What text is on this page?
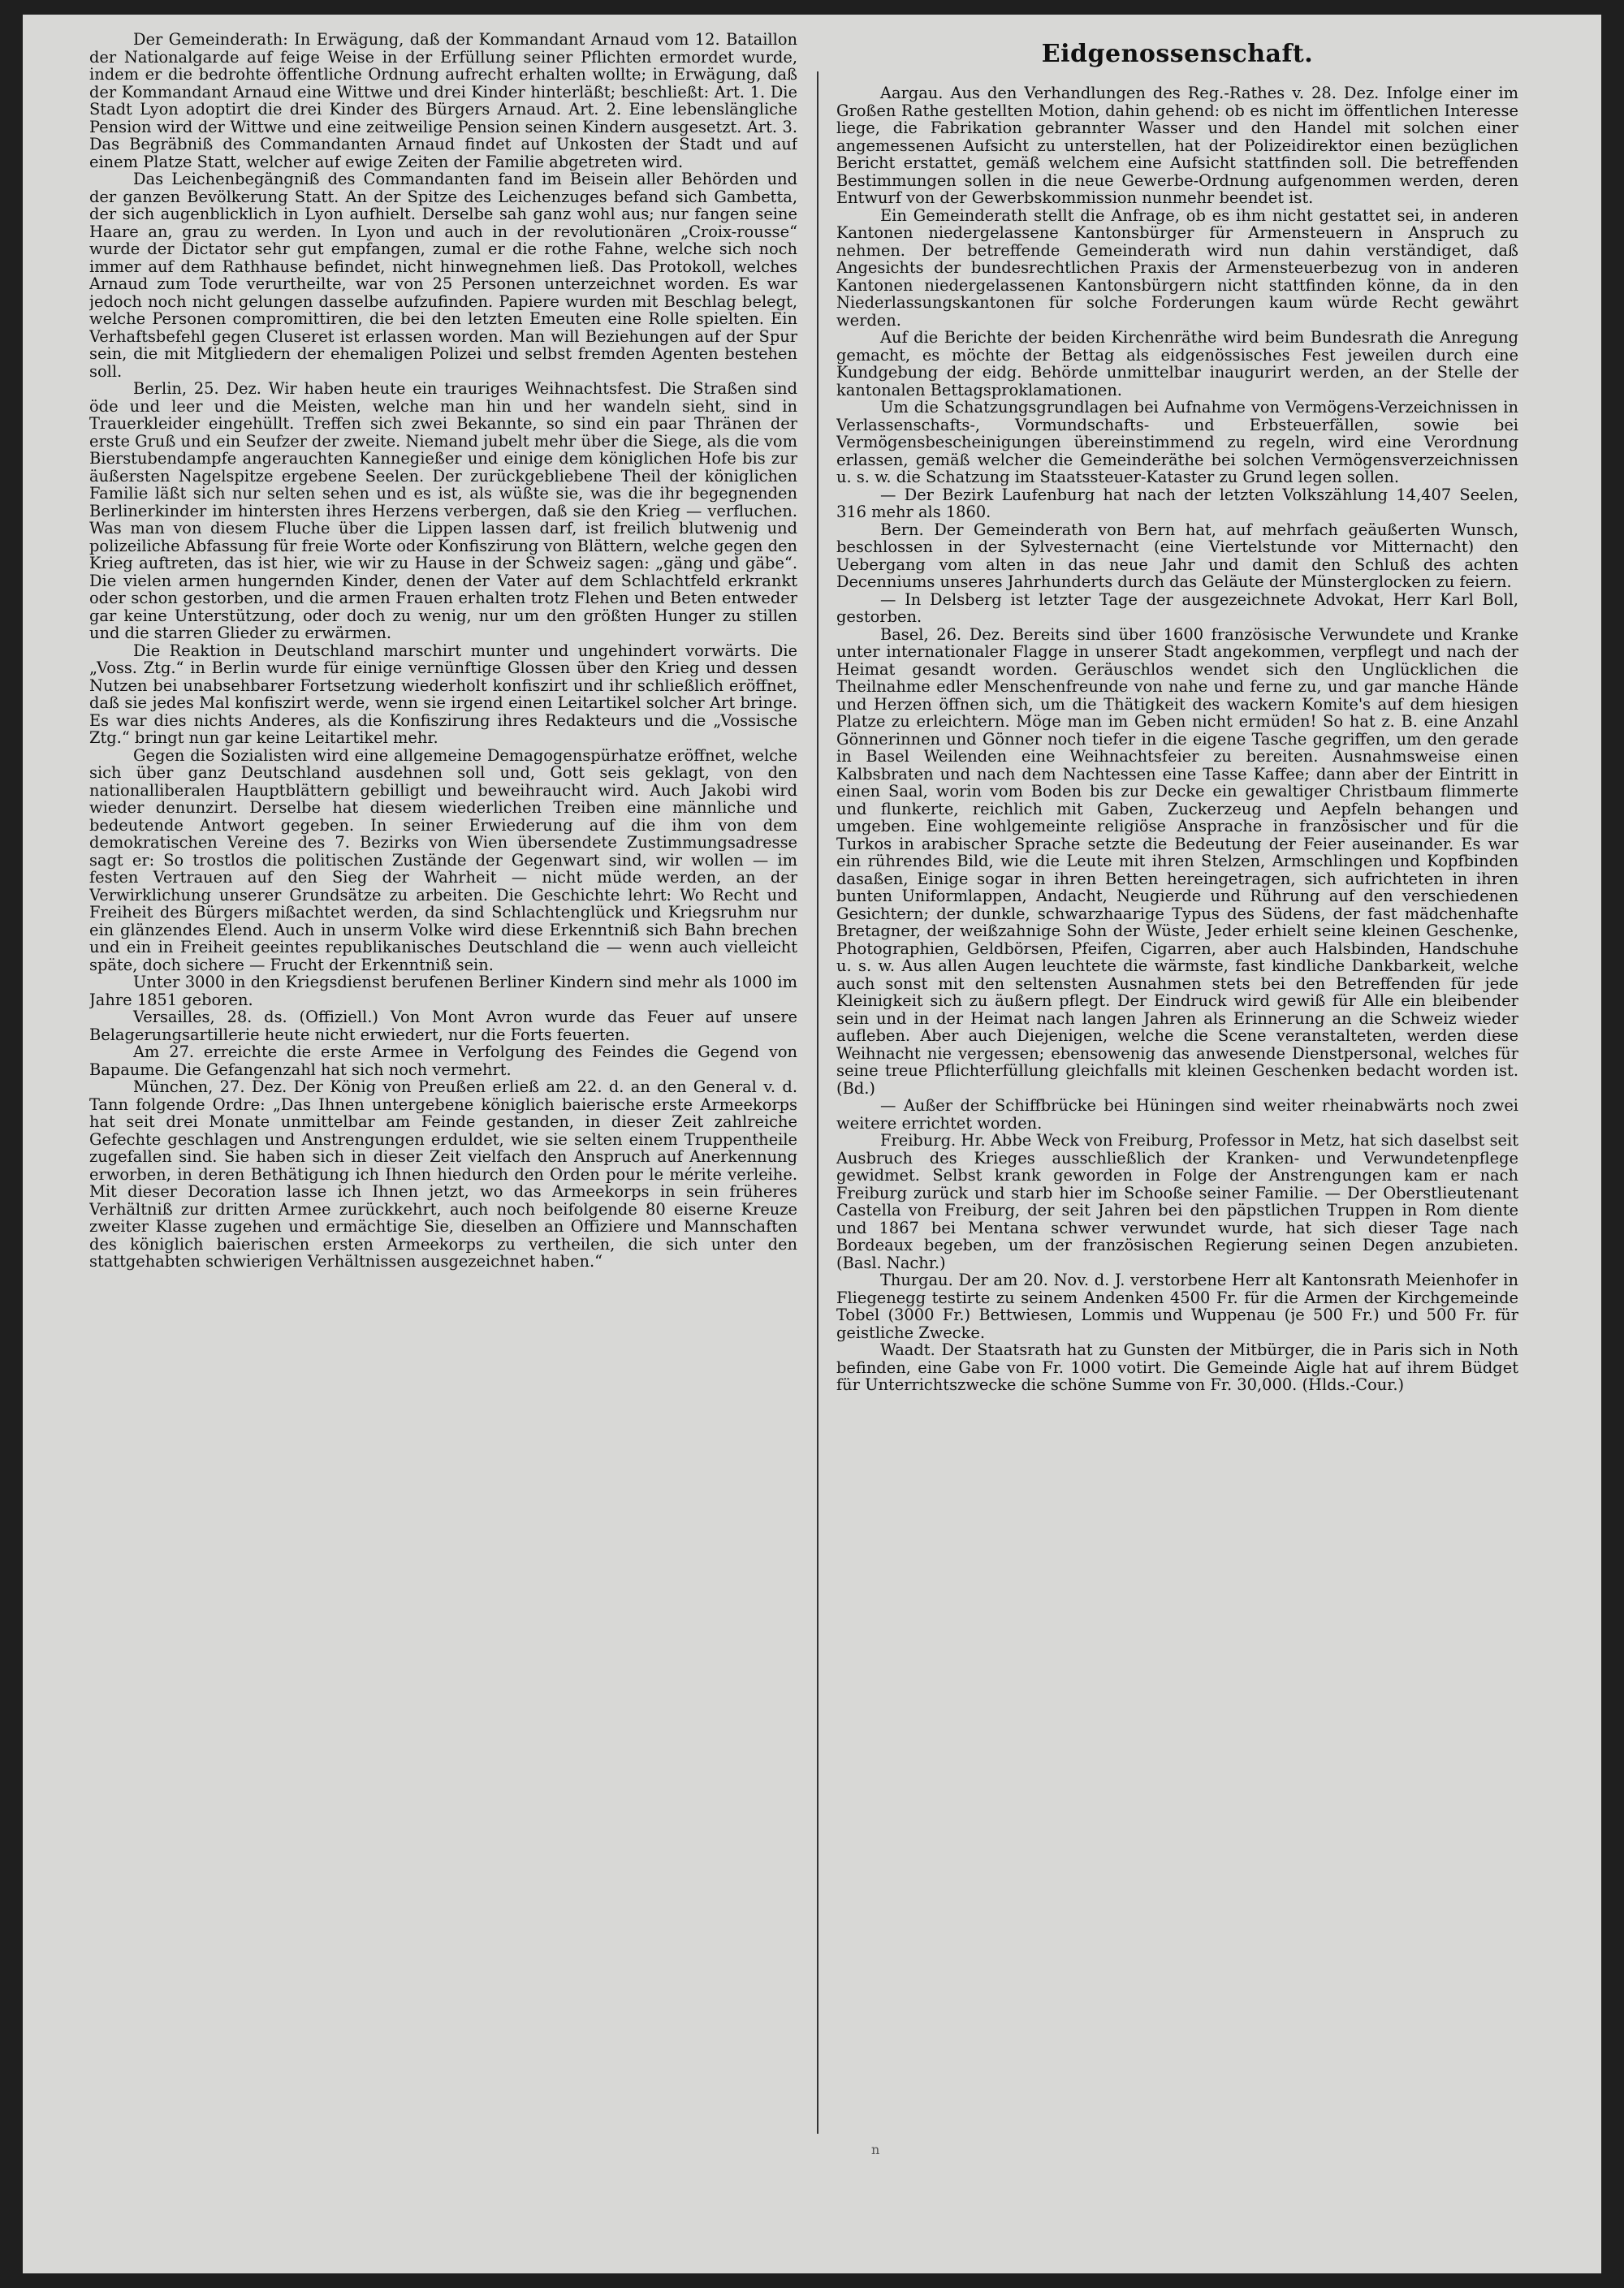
Der Gemeinderath: In Erwägung, daß der Kommandant Arnaud vom 12. Bataillon der Nationalgarde auf feige Weise in der Erfüllung seiner Pflichten ermordet wurde, indem er die bedrohte öffentliche Ordnung aufrecht erhalten wollte; in Erwägung, daß der Kommandant Arnaud eine Wittwe und drei Kinder hinterläßt; beschließt: Art. 1. Die Stadt Lyon adoptirt die drei Kinder des Bürgers Arnaud. Art. 2. Eine lebenslängliche Pension wird der Wittwe und eine zeitweilige Pension seinen Kindern ausgesetzt. Art. 3. Das Begräbniß des Commandanten Arnaud findet auf Unkosten der Stadt und auf einem Platze Statt, welcher auf ewige Zeiten der Familie abgetreten wird.

Das Leichenbegängniß des Commandanten fand im Beisein aller Behörden und der ganzen Bevölkerung Statt. An der Spitze des Leichenzuges befand sich Gambetta, der sich augenblicklich in Lyon aufhielt. Derselbe sah ganz wohl aus; nur fangen seine Haare an, grau zu werden. In Lyon und auch in der revolutionären „Croix-rousse“ wurde der Dictator sehr gut empfangen, zumal er die rothe Fahne, welche sich noch immer auf dem Rathhause befindet, nicht hinwegnehmen ließ. Das Protokoll, welches Arnaud zum Tode verurtheilte, war von 25 Personen unterzeichnet worden. Es war jedoch noch nicht gelungen dasselbe aufzufinden. Papiere wurden mit Beschlag belegt, welche Personen compromittiren, die bei den letzten Emeuten eine Rolle spielten. Ein Verhaftsbefehl gegen Cluseret ist erlassen worden. Man will Beziehungen auf der Spur sein, die mit Mitgliedern der ehemaligen Polizei und selbst fremden Agenten bestehen soll.

Berlin, 25. Dez. Wir haben heute ein trauriges Weihnachtsfest. Die Straßen sind öde und leer und die Meisten, welche man hin und her wandeln sieht, sind in Trauerkleider eingehüllt. Treffen sich zwei Bekannte, so sind ein paar Thränen der erste Gruß und ein Seufzer der zweite. Niemand jubelt mehr über die Siege, als die vom Bierstubendampfe angerauchten Kannegießer und einige dem königlichen Hofe bis zur äußersten Nagelspitze ergebene Seelen. Der zurückgebliebene Theil der königlichen Familie läßt sich nur selten sehen und es ist, als wüßte sie, was die ihr begegnenden Berlinerkinder im hintersten ihres Herzens verbergen, daß sie den Krieg — verfluchen. Was man von diesem Fluche über die Lippen lassen darf, ist freilich blutwenig und polizeiliche Abfassung für freie Worte oder Konfiszirung von Blättern, welche gegen den Krieg auftreten, das ist hier, wie wir zu Hause in der Schweiz sagen: „gäng und gäbe“. Die vielen armen hungernden Kinder, denen der Vater auf dem Schlachtfeld erkrankt oder schon gestorben, und die armen Frauen erhalten trotz Flehen und Beten entweder gar keine Unterstützung, oder doch zu wenig, nur um den größten Hunger zu stillen und die starren Glieder zu erwärmen.

Die Reaktion in Deutschland marschirt munter und ungehindert vorwärts. Die „Voss. Ztg.“ in Berlin wurde für einige vernünftige Glossen über den Krieg und dessen Nutzen bei unabsehbarer Fortsetzung wiederholt konfiszirt und ihr schließlich eröffnet, daß sie jedes Mal konfiszirt werde, wenn sie irgend einen Leitartikel solcher Art bringe. Es war dies nichts Anderes, als die Konfiszirung ihres Redakteurs und die „Vossische Ztg.“ bringt nun gar keine Leitartikel mehr.

Gegen die Sozialisten wird eine allgemeine Demagogenspürhatze eröffnet, welche sich über ganz Deutschland ausdehnen soll und, Gott seis geklagt, von den nationalliberalen Hauptblättern gebilligt und beweihraucht wird. Auch Jakobi wird wieder denunzirt. Derselbe hat diesem wiederlichen Treiben eine männliche und bedeutende Antwort gegeben. In seiner Erwiederung auf die ihm von dem demokratischen Vereine des 7. Bezirks von Wien übersendete Zustimmungsadresse sagt er: So trostlos die politischen Zustände der Gegenwart sind, wir wollen — im festen Vertrauen auf den Sieg der Wahrheit — nicht müde werden, an der Verwirklichung unserer Grundsätze zu arbeiten. Die Geschichte lehrt: Wo Recht und Freiheit des Bürgers mißachtet werden, da sind Schlachtenglück und Kriegsruhm nur ein glänzendes Elend. Auch in unserm Volke wird diese Erkenntniß sich Bahn brechen und ein in Freiheit geeintes republikanisches Deutschland die — wenn auch vielleicht späte, doch sichere — Frucht der Erkenntniß sein.

Unter 3000 in den Kriegsdienst berufenen Berliner Kindern sind mehr als 1000 im Jahre 1851 geboren.

Versailles, 28. ds. (Offiziell.) Von Mont Avron wurde das Feuer auf unsere Belagerungsartillerie heute nicht erwiedert, nur die Forts feuerten.

Am 27. erreichte die erste Armee in Verfolgung des Feindes die Gegend von Bapaume. Die Gefangenzahl hat sich noch vermehrt.

München, 27. Dez. Der König von Preußen erließ am 22. d. an den General v. d. Tann folgende Ordre: „Das Ihnen untergebene königlich baierische erste Armeekorps hat seit drei Monate unmittelbar am Feinde gestanden, in dieser Zeit zahlreiche Gefechte geschlagen und Anstrengungen erduldet, wie sie selten einem Truppentheile zugefallen sind. Sie haben sich in dieser Zeit vielfach den Anspruch auf Anerkennung erworben, in deren Bethätigung ich Ihnen hiedurch den Orden pour le mérite verleihe. Mit dieser Decoration lasse ich Ihnen jetzt, wo das Armeekorps in sein früheres Verhältniß zur dritten Armee zurückkehrt, auch noch beifolgende 80 eiserne Kreuze zweiter Klasse zugehen und ermächtige Sie, dieselben an Offiziere und Mannschaften des königlich baierischen ersten Armeekorps zu vertheilen, die sich unter den stattgehabten schwierigen Verhältnissen ausgezeichnet haben.“

Eidgenossenschaft.

Aargau. Aus den Verhandlungen des Reg.-Rathes v. 28. Dez. Infolge einer im Großen Rathe gestellten Motion, dahin gehend: ob es nicht im öffentlichen Interesse liege, die Fabrikation gebrannter Wasser und den Handel mit solchen einer angemessenen Aufsicht zu unterstellen, hat der Polizeidirektor einen bezüglichen Bericht erstattet, gemäß welchem eine Aufsicht stattfinden soll. Die betreffenden Bestimmungen sollen in die neue Gewerbe-Ordnung aufgenommen werden, deren Entwurf von der Gewerbskommission nunmehr beendet ist.

Ein Gemeinderath stellt die Anfrage, ob es ihm nicht gestattet sei, in anderen Kantonen niedergelassene Kantonsbürger für Armensteuern in Anspruch zu nehmen. Der betreffende Gemeinderath wird nun dahin verständiget, daß Angesichts der bundesrechtlichen Praxis der Armensteuerbezug von in anderen Kantonen niedergelassenen Kantonsbürgern nicht stattfinden könne, da in den Niederlassungskantonen für solche Forderungen kaum würde Recht gewährt werden.

Auf die Berichte der beiden Kirchenräthe wird beim Bundesrath die Anregung gemacht, es möchte der Bettag als eidgenössisches Fest jeweilen durch eine Kundgebung der eidg. Behörde unmittelbar inaugurirt werden, an der Stelle der kantonalen Bettagsproklamationen.

Um die Schatzungsgrundlagen bei Aufnahme von Vermögens-Verzeichnissen in Verlassenschafts-, Vormundschafts- und Erbsteuerfällen, sowie bei Vermögensbescheinigungen übereinstimmend zu regeln, wird eine Verordnung erlassen, gemäß welcher die Gemeinderäthe bei solchen Vermögensverzeichnissen u. s. w. die Schatzung im Staatssteuer-Kataster zu Grund legen sollen.

— Der Bezirk Laufenburg hat nach der letzten Volkszählung 14,407 Seelen, 316 mehr als 1860.

Bern. Der Gemeinderath von Bern hat, auf mehrfach geäußerten Wunsch, beschlossen in der Sylvesternacht (eine Viertelstunde vor Mitternacht) den Uebergang vom alten in das neue Jahr und damit den Schluß des achten Decenniums unseres Jahrhunderts durch das Geläute der Münsterglocken zu feiern.

— In Delsberg ist letzter Tage der ausgezeichnete Advokat, Herr Karl Boll, gestorben.

Basel, 26. Dez. Bereits sind über 1600 französische Verwundete und Kranke unter internationaler Flagge in unserer Stadt angekommen, verpflegt und nach der Heimat gesandt worden. Geräuschlos wendet sich den Unglücklichen die Theilnahme edler Menschenfreunde von nahe und ferne zu, und gar manche Hände und Herzen öffnen sich, um die Thätigkeit des wackern Komite's auf dem hiesigen Platze zu erleichtern. Möge man im Geben nicht ermüden! So hat z. B. eine Anzahl Gönnerinnen und Gönner noch tiefer in die eigene Tasche gegriffen, um den gerade in Basel Weilenden eine Weihnachtsfeier zu bereiten. Ausnahmsweise einen Kalbsbraten und nach dem Nachtessen eine Tasse Kaffee; dann aber der Eintritt in einen Saal, worin vom Boden bis zur Decke ein gewaltiger Christbaum flimmerte und flunkerte, reichlich mit Gaben, Zuckerzeug und Aepfeln behangen und umgeben. Eine wohlgemeinte religiöse Ansprache in französischer und für die Turkos in arabischer Sprache setzte die Bedeutung der Feier auseinander. Es war ein rührendes Bild, wie die Leute mit ihren Stelzen, Armschlingen und Kopfbinden dasaßen, Einige sogar in ihren Betten hereingetragen, sich aufrichteten in ihren bunten Uniformlappen, Andacht, Neugierde und Rührung auf den verschiedenen Gesichtern; der dunkle, schwarzhaarige Typus des Südens, der fast mädchenhafte Bretagner, der weißzahnige Sohn der Wüste, Jeder erhielt seine kleinen Geschenke, Photographien, Geldbörsen, Pfeifen, Cigarren, aber auch Halsbinden, Handschuhe u. s. w. Aus allen Augen leuchtete die wärmste, fast kindliche Dankbarkeit, welche auch sonst mit den seltensten Ausnahmen stets bei den Betreffenden für jede Kleinigkeit sich zu äußern pflegt. Der Eindruck wird gewiß für Alle ein bleibender sein und in der Heimat nach langen Jahren als Erinnerung an die Schweiz wieder aufleben. Aber auch Diejenigen, welche die Scene veranstalteten, werden diese Weihnacht nie vergessen; ebensowenig das anwesende Dienstpersonal, welches für seine treue Pflichterfüllung gleichfalls mit kleinen Geschenken bedacht worden ist. (Bd.)

— Außer der Schiffbrücke bei Hüningen sind weiter rheinabwärts noch zwei weitere errichtet worden.

Freiburg. Hr. Abbe Weck von Freiburg, Professor in Metz, hat sich daselbst seit Ausbruch des Krieges ausschließlich der Kranken- und Verwundetenpflege gewidmet. Selbst krank geworden in Folge der Anstrengungen kam er nach Freiburg zurück und starb hier im Schooße seiner Familie. — Der Oberstlieutenant Castella von Freiburg, der seit Jahren bei den päpstlichen Truppen in Rom diente und 1867 bei Mentana schwer verwundet wurde, hat sich dieser Tage nach Bordeaux begeben, um der französischen Regierung seinen Degen anzubieten. (Basl. Nachr.)

Thurgau. Der am 20. Nov. d. J. verstorbene Herr alt Kantonsrath Meienhofer in Fliegenegg testirte zu seinem Andenken 4500 Fr. für die Armen der Kirchgemeinde Tobel (3000 Fr.) Bettwiesen, Lommis und Wuppenau (je 500 Fr.) und 500 Fr. für geistliche Zwecke.

Waadt. Der Staatsrath hat zu Gunsten der Mitbürger, die in Paris sich in Noth befinden, eine Gabe von Fr. 1000 votirt. Die Gemeinde Aigle hat auf ihrem Büdget für Unterrichtszwecke die schöne Summe von Fr. 30,000. (Hlds.-Cour.)

n
